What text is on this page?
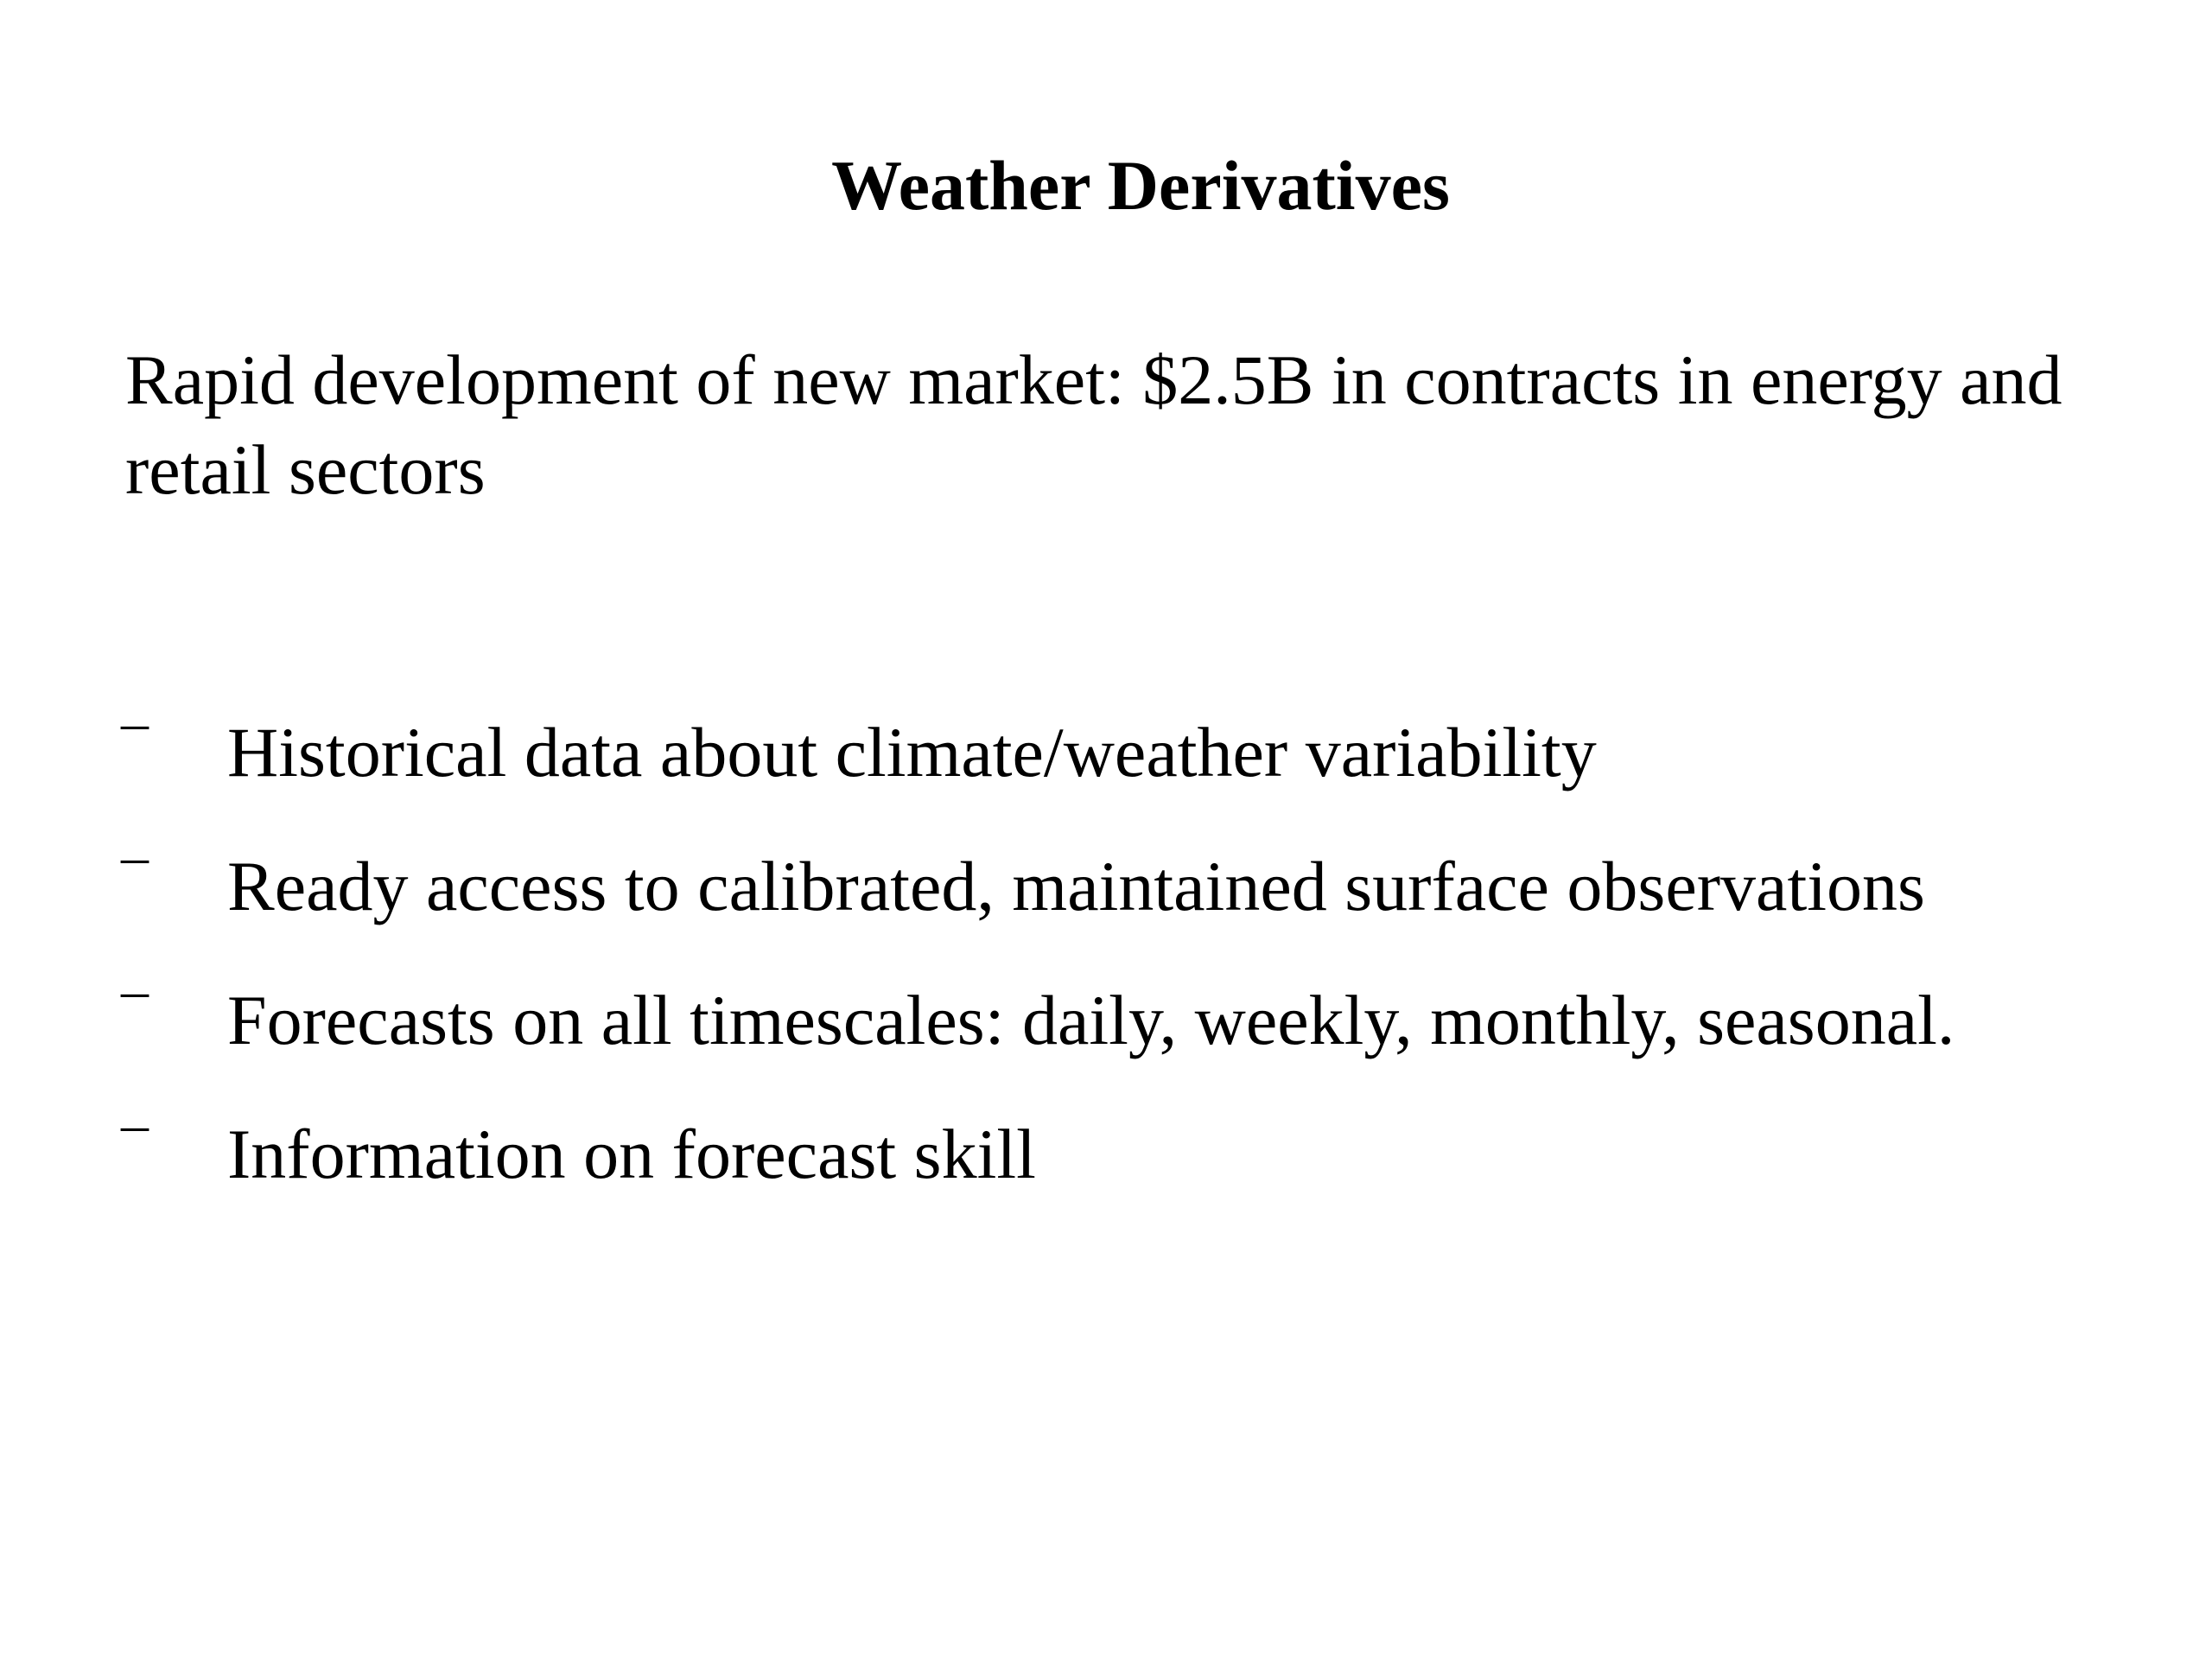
Weather Derivatives

Rapid development of new market: $2.5B in contracts in energy and retail sectors

– Historical data about climate/weather variability
– Ready access to calibrated, maintained surface observations
– Forecasts on all timescales: daily, weekly, monthly, seasonal.
– Information on forecast skill
